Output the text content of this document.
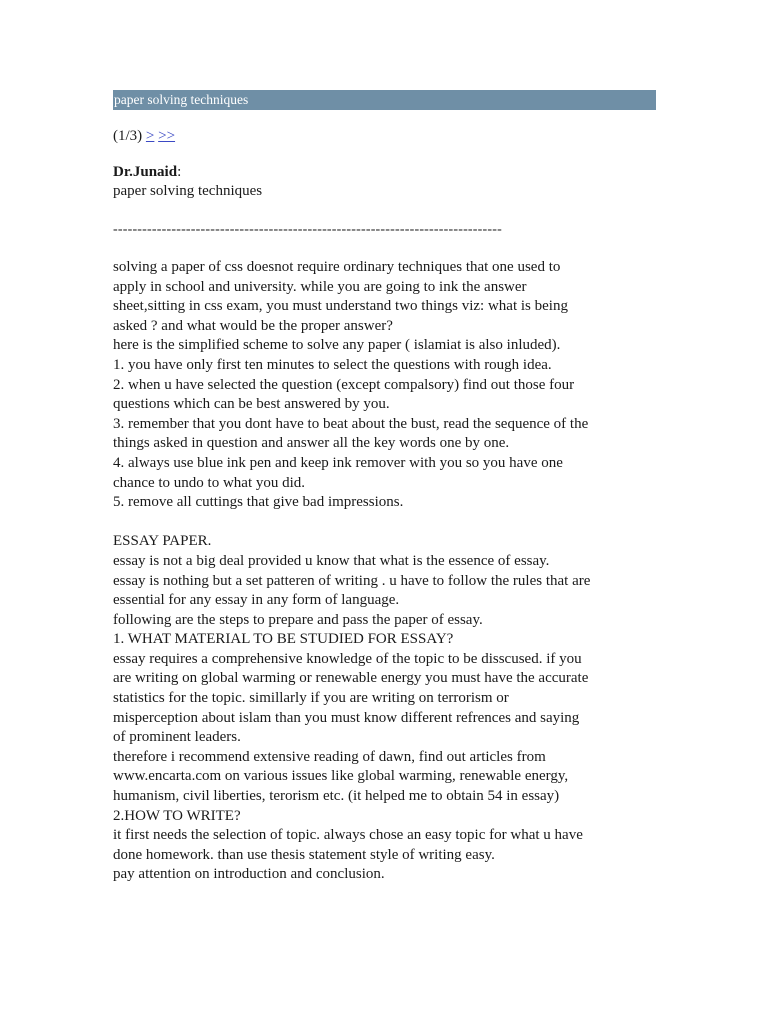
paper solving techniques
(1/3) > >>
Dr.Junaid:
paper solving techniques
--------------------------------------------------------------------------------
solving a paper of css doesnot require ordinary techniques that one used to
apply in school and university. while you are going to ink the answer
sheet,sitting in css exam, you must understand two things viz: what is being
asked ? and what would be the proper answer?
here is the simplified scheme to solve any paper ( islamiat is also inluded).
1. you have only first ten minutes to select the questions with rough idea.
2. when u have selected the question (except compalsory) find out those four
questions which can be best answered by you.
3. remember that you dont have to beat about the bust, read the sequence of the
things asked in question and answer all the key words one by one.
4. always use blue ink pen and keep ink remover with you so you have one
chance to undo to what you did.
5. remove all cuttings that give bad impressions.
ESSAY PAPER.
essay is not a big deal provided u know that what is the essence of essay.
essay is nothing but a set patteren of writing . u have to follow the rules that are
essential for any essay in any form of language.
following are the steps to prepare and pass the paper of essay.
1. WHAT MATERIAL TO BE STUDIED FOR ESSAY?
essay requires a comprehensive knowledge of the topic to be disscused. if you
are writing on global warming or renewable energy you must have the accurate
statistics for the topic. simillarly if you are writing on terrorism or
misperception about islam than you must know different refrences and saying
of prominent leaders.
therefore i recommend extensive reading of dawn, find out articles from
www.encarta.com on various issues like global warming, renewable energy,
humanism, civil liberties, terorism etc. (it helped me to obtain 54 in essay)
2.HOW TO WRITE?
it first needs the selection of topic. always chose an easy topic for what u have
done homework. than use thesis statement style of writing easy.
pay attention on introduction and conclusion.
